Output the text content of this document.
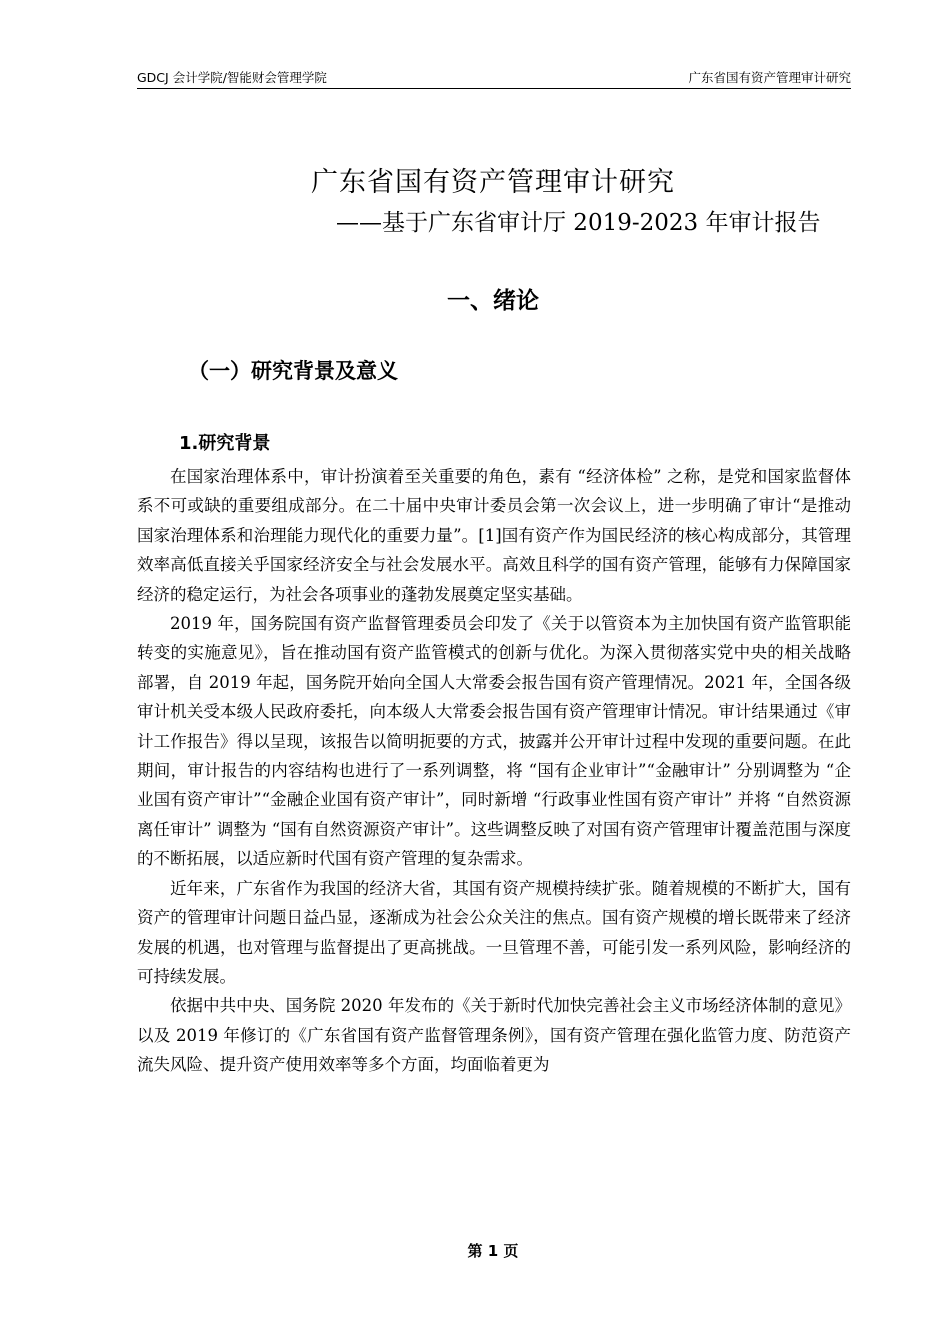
GDCJ 会计学院/智能财会管理学院	广东省国有资产管理审计研究
广东省国有资产管理审计研究
——基于广东省审计厅 2019-2023 年审计报告
一、绪论
（一）研究背景及意义
1.研究背景

在国家治理体系中，审计扮演着至关重要的角色，素有 “经济体检” 之称，是党和国家监督体系不可或缺的重要组成部分。在二十届中央审计委员会第一次会议上，进一步明确了审计“是推动国家治理体系和治理能力现代化的重要力量”。[1]国有资产作为国民经济的核心构成部分，其管理效率高低直接关乎国家经济安全与社会发展水平。高效且科学的国有资产管理，能够有力保障国家经济的稳定运行，为社会各项事业的蓬勃发展奠定坚实基础。

2019 年，国务院国有资产监督管理委员会印发了《关于以管资本为主加快国有资产监管职能转变的实施意见》，旨在推动国有资产监管模式的创新与优化。为深入贯彻落实党中央的相关战略部署，自 2019 年起，国务院开始向全国人大常委会报告国有资产管理情况。2021 年，全国各级审计机关受本级人民政府委托，向本级人大常委会报告国有资产管理审计情况。审计结果通过《审计工作报告》得以呈现，该报告以简明扼要的方式，披露并公开审计过程中发现的重要问题。在此期间，审计报告的内容结构也进行了一系列调整，将 “国有企业审计”“金融审计” 分别调整为 “企业国有资产审计”“金融企业国有资产审计”，同时新增 “行政事业性国有资产审计” 并将 “自然资源离任审计” 调整为 “国有自然资源资产审计”。这些调整反映了对国有资产管理审计覆盖范围与深度的不断拓展，以适应新时代国有资产管理的复杂需求。

近年来，广东省作为我国的经济大省，其国有资产规模持续扩张。随着规模的不断扩大，国有资产的管理审计问题日益凸显，逐渐成为社会公众关注的焦点。国有资产规模的增长既带来了经济发展的机遇，也对管理与监督提出了更高挑战。一旦管理不善，可能引发一系列风险，影响经济的可持续发展。

依据中共中央、国务院 2020 年发布的《关于新时代加快完善社会主义市场经济体制的意见》以及 2019 年修订的《广东省国有资产监督管理条例》，国有资产管理在强化监管力度、防范资产流失风险、提升资产使用效率等多个方面，均面临着更为

第 1 页
